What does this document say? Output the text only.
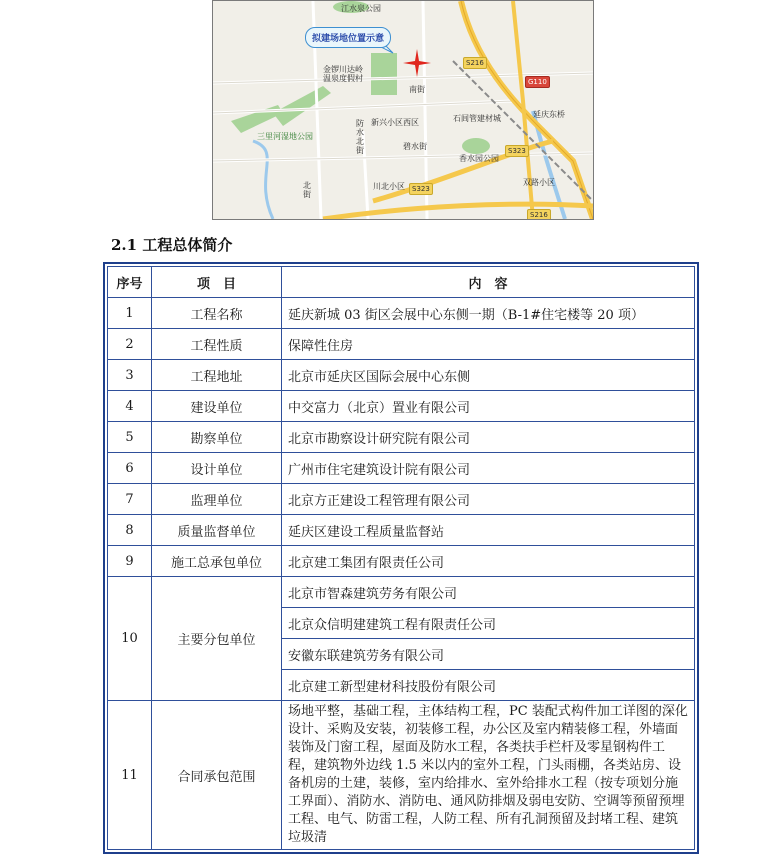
拟建场地位置示意
江水泉公园
金锣川达岭
温泉度假村
南街
新兴小区西区	石闾管建材城	延庆东桥
三里河湿地公园
防
水
北
街
香水园公园
双路小区
川北小区
北
街
碧水街
S216
G110
S323
S323
S216
2.1 工程总体简介
序号	项　目	内　容
1	工程名称	延庆新城 03 街区会展中心东侧一期（B-1#住宅楼等 20 项）
2	工程性质	保障性住房
3	工程地址	北京市延庆区国际会展中心东侧
4	建设单位	中交富力（北京）置业有限公司
5	勘察单位	北京市勘察设计研究院有限公司
6	设计单位	广州市住宅建筑设计院有限公司
7	监理单位	北京方正建设工程管理有限公司
8	质量监督单位	延庆区建设工程质量监督站
9	施工总承包单位	北京建工集团有限责任公司
10	主要分包单位	北京市智森建筑劳务有限公司
		北京众信明建建筑工程有限责任公司
		安徽东联建筑劳务有限公司
		北京建工新型建材科技股份有限公司
11	合同承包范围	场地平整，基础工程，主体结构工程，PC 装配式构件加工详图的深化设计、采购及安装，初装修工程，办公区及室内精装修工程，外墙面装饰及门窗工程，屋面及防水工程，各类扶手栏杆及零星钢构件工程，建筑物外边线 1.5 米以内的室外工程，门头雨棚，各类站房、设备机房的土建，装修，室内给排水、室外给排水工程（按专项划分施工界面）、消防水、消防电、通风防排烟及弱电安防、空调等预留预埋工程、电气、防雷工程，人防工程、所有孔洞预留及封堵工程、建筑垃圾清
